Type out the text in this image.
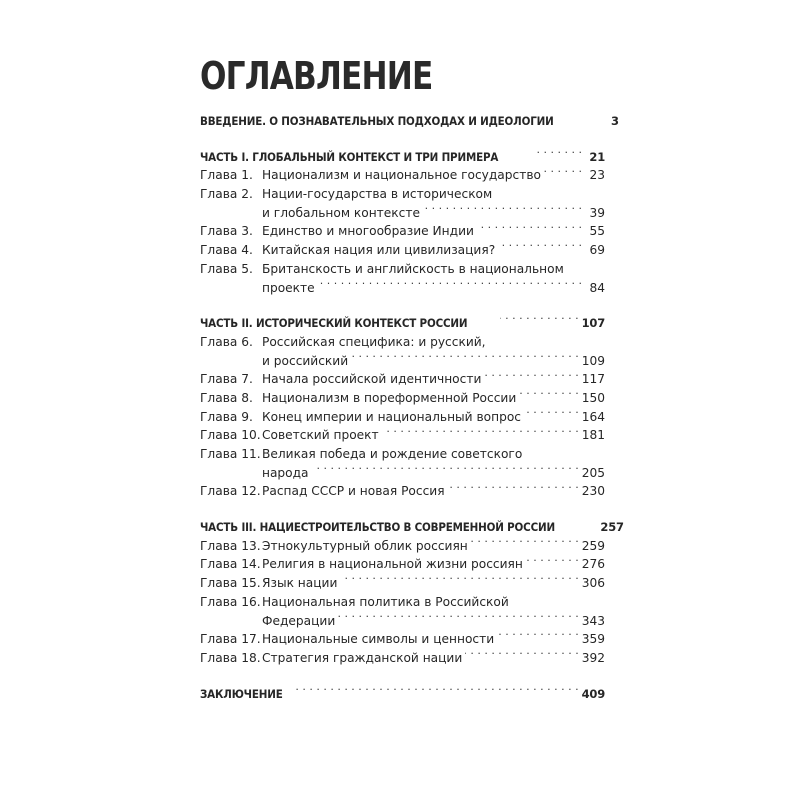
ОГЛАВЛЕНИЕ
ВВЕДЕНИЕ. О ПОЗНАВАТЕЛЬНЫХ ПОДХОДАХ И ИДЕОЛОГИИ	3
ЧАСТЬ I. ГЛОБАЛЬНЫЙ КОНТЕКСТ И ТРИ ПРИМЕРА . . .	21
Глава 1. Национализм и национальное государство . . .	23
Глава 2. Нации-государства в историческом
и глобальном контексте . . .	39
Глава 3. Единство и многообразие Индии . . .	55
Глава 4. Китайская нация или цивилизация? . . .	69
Глава 5. Британскость и английскость в национальном
проекте . . .	84
ЧАСТЬ II. ИСТОРИЧЕСКИЙ КОНТЕКСТ РОССИИ . . .	107
Глава 6. Российская специфика: и русский,
и российский . . .	109
Глава 7. Начала российской идентичности . . .	117
Глава 8. Национализм в пореформенной России . . .	150
Глава 9. Конец империи и национальный вопрос . . .	164
Глава 10. Советский проект . . .	181
Глава 11. Великая победа и рождение советского
народа . . .	205
Глава 12. Распад СССР и новая Россия . . .	230
ЧАСТЬ III. НАЦИЕСТРОИТЕЛЬСТВО В СОВРЕМЕННОЙ РОССИИ	257
Глава 13. Этнокультурный облик россиян . . .	259
Глава 14. Религия в национальной жизни россиян . . .	276
Глава 15. Язык нации . . .	306
Глава 16. Национальная политика в Российской
Федерации . . .	343
Глава 17. Национальные символы и ценности . . .	359
Глава 18. Стратегия гражданской нации . . .	392
ЗАКЛЮЧЕНИЕ . . .	409
